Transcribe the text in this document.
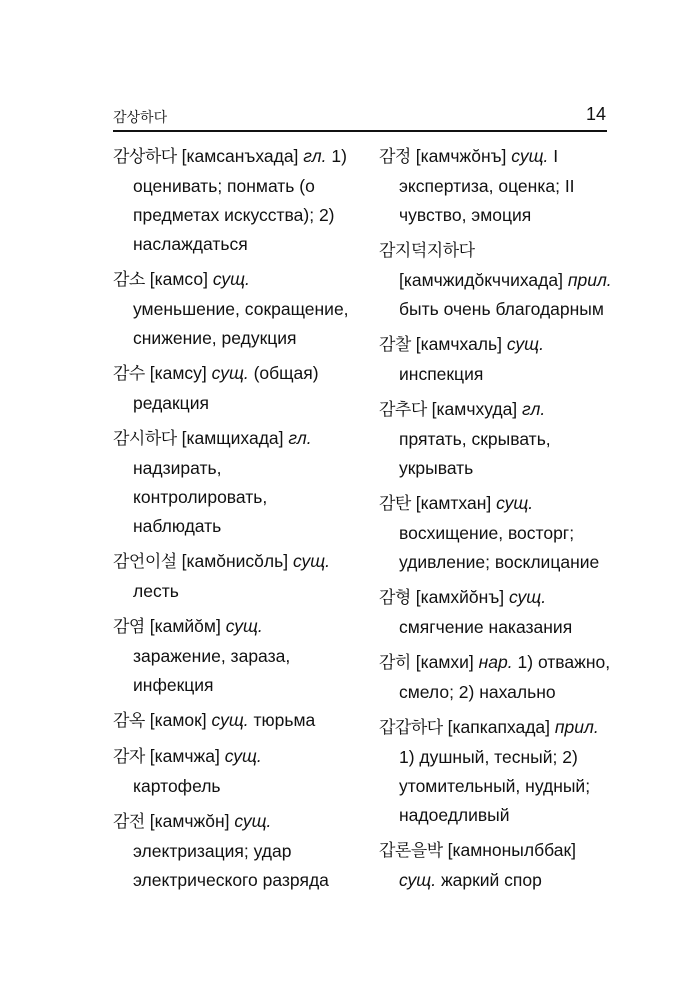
감상하다	14
감상하다 [камсанъхада] гл. 1) оценивать; понмать (о предметах искусства); 2) наслаждаться
감소 [камсо] сущ. уменьшение, сокращение, снижение, редукция
감수 [камсу] сущ. (общая) редакция
감시하다 [камщихада] гл. надзирать, контролировать, наблюдать
감언이설 [камŏнисŏль] сущ. лесть
감염 [камйŏм] сущ. заражение, зараза, инфекция
감옥 [камок] сущ. тюрьма
감자 [камчжа] сущ. картофель
감전 [камчжŏн] сущ. электризация; удар электрического разряда
감정 [камчжŏнъ] сущ. I экспертиза, оценка; II чувство, эмоция
감지덕지하다 [камчжидŏкччихада] прил. быть очень благодарным
감찰 [камчхаль] сущ. инспекция
감추다 [камчхуда] гл. прятать, скрывать, укрывать
감탄 [камтхан] сущ. восхищение, восторг; удивление; восклицание
감형 [камхйŏнъ] сущ. смягчение наказания
감히 [камхи] нар. 1) отважно, смело; 2) нахально
갑갑하다 [капкапхада] прил. 1) душный, тесный; 2) утомительный, нудный; надоедливый
갑론을박 [камнонылббак] сущ. жаркий спор
